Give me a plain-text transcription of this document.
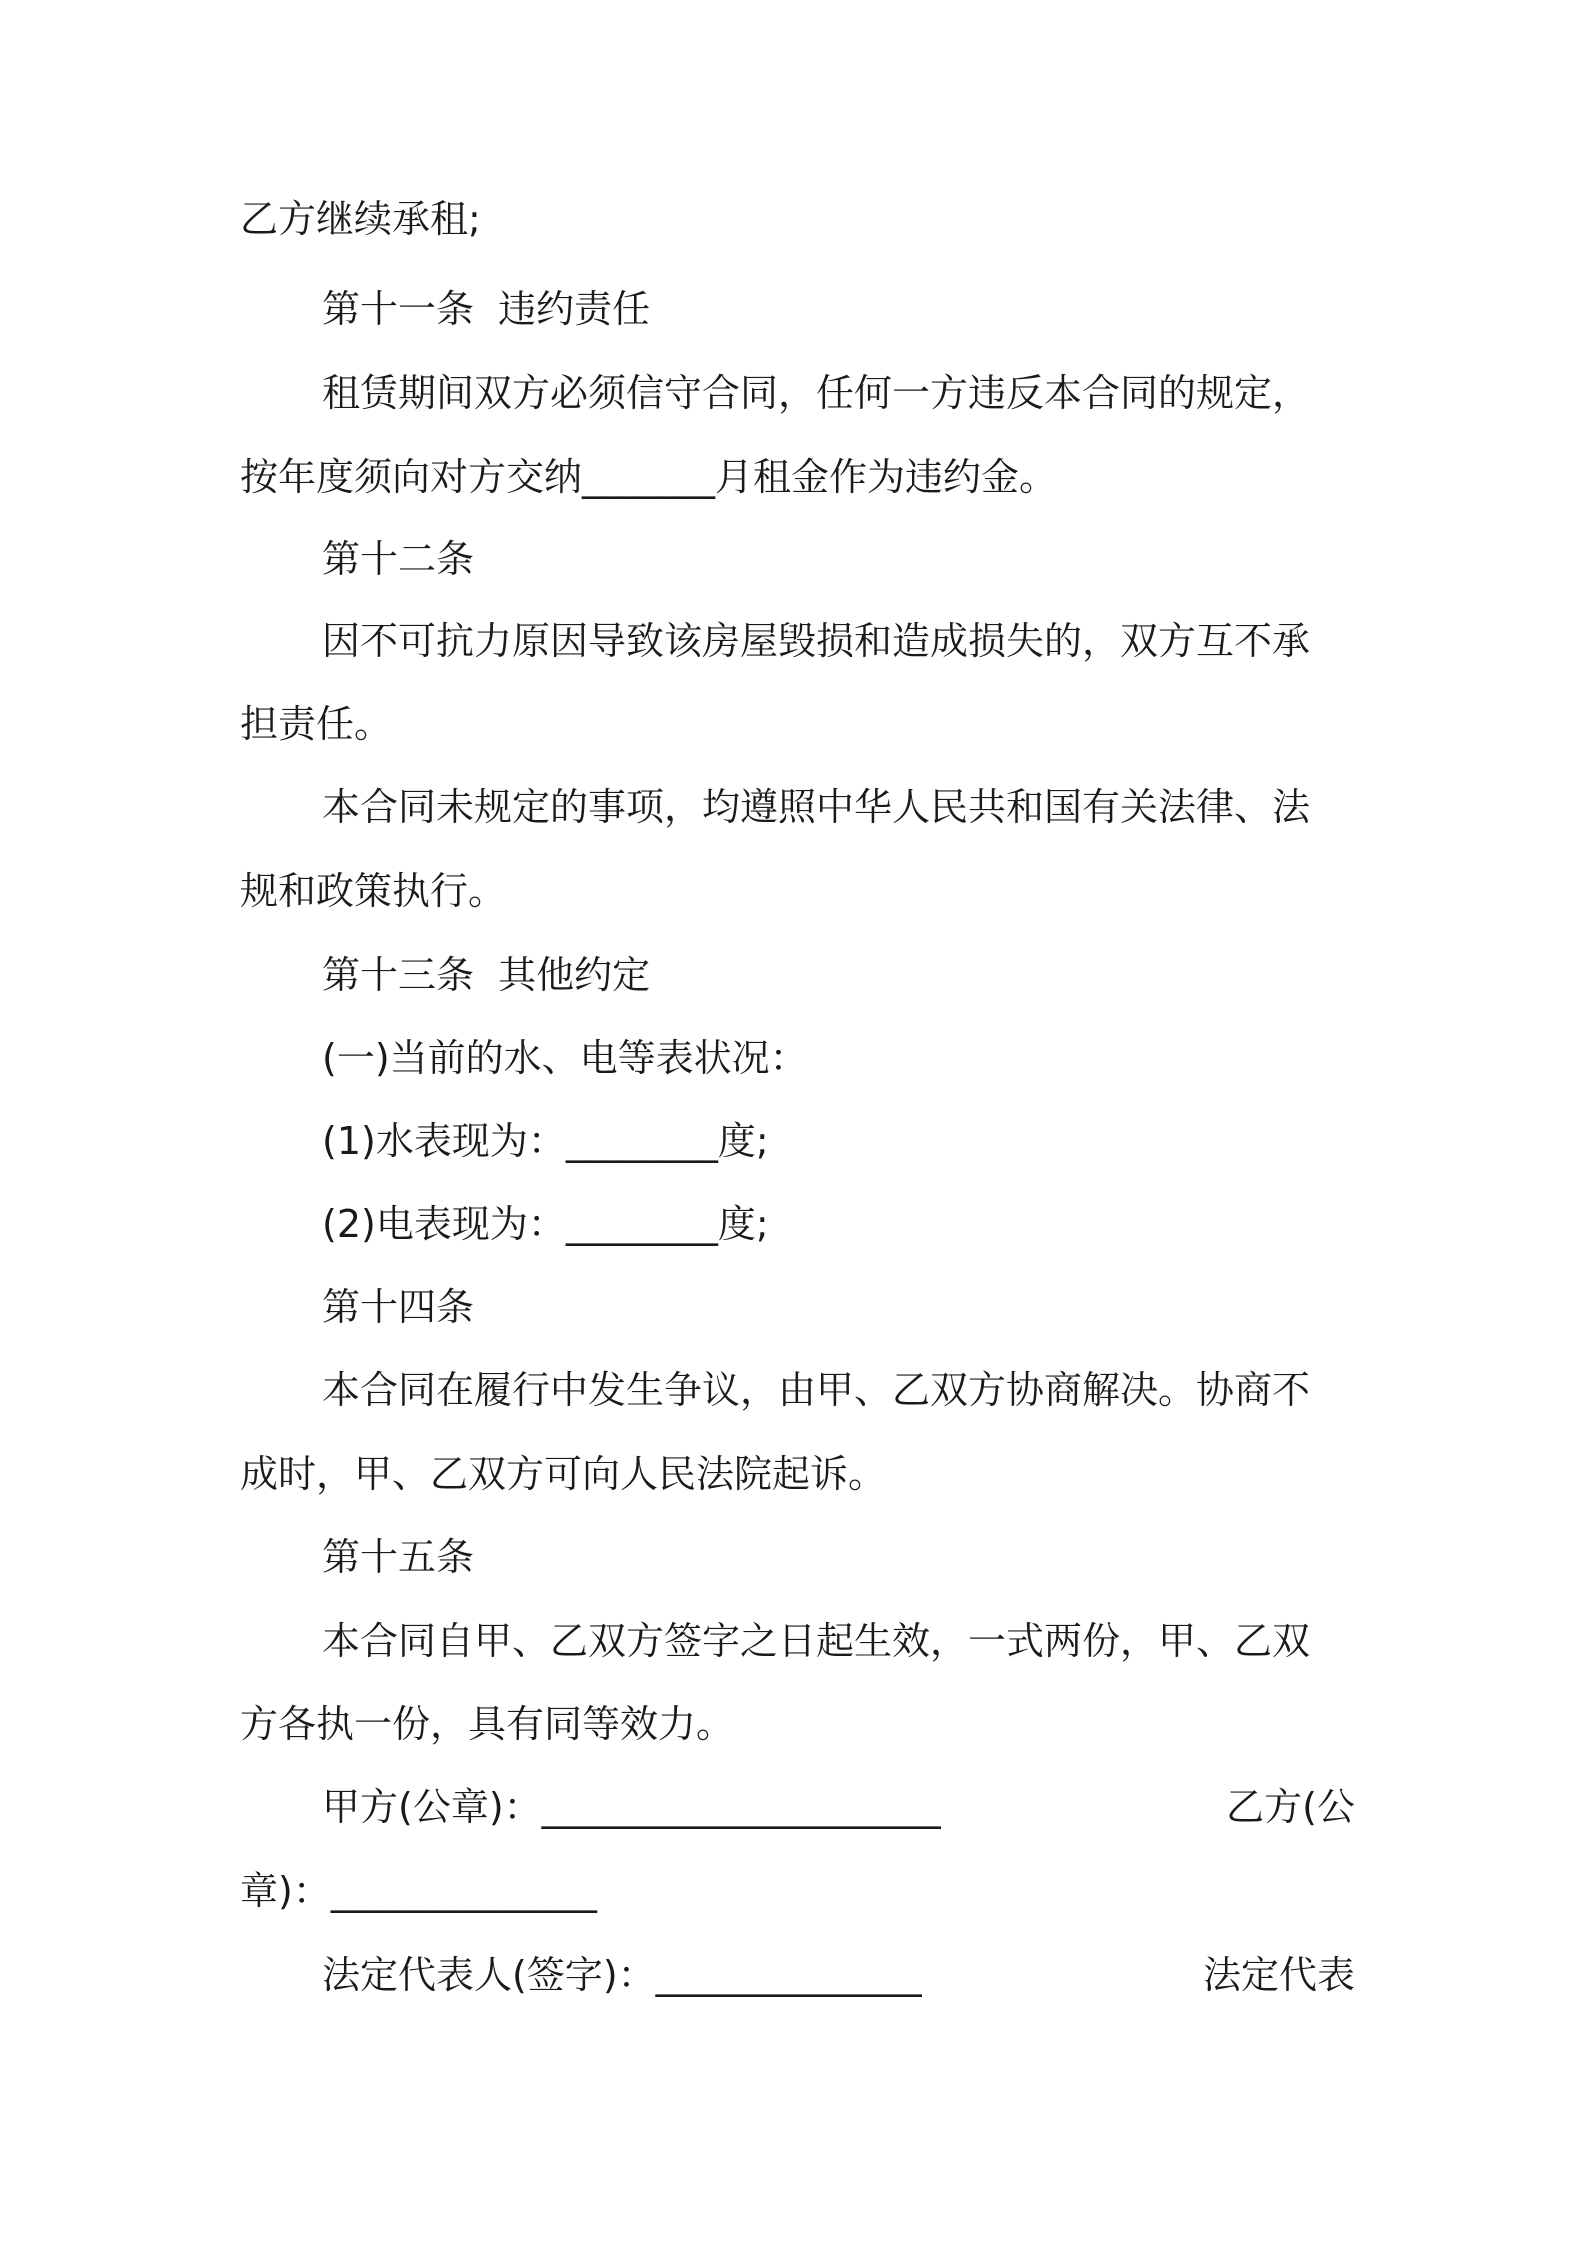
乙方继续承租;
第十一条  违约责任
租赁期间双方必须信守合同，任何一方违反本合同的规定，
按年度须向对方交纳_______月租金作为违约金。
第十二条
因不可抗力原因导致该房屋毁损和造成损失的，双方互不承
担责任。
本合同未规定的事项，均遵照中华人民共和国有关法律、法
规和政策执行。
第十三条  其他约定
(一)当前的水、电等表状况：
(1)水表现为：________度;
(2)电表现为：________度;
第十四条
本合同在履行中发生争议，由甲、乙双方协商解决。协商不
成时，甲、乙双方可向人民法院起诉。
第十五条
本合同自甲、乙双方签字之日起生效，一式两份，甲、乙双
方各执一份，具有同等效力。
甲方(公章)：_____________________	乙方(公
章)：______________
法定代表人(签字)：______________	法定代表
